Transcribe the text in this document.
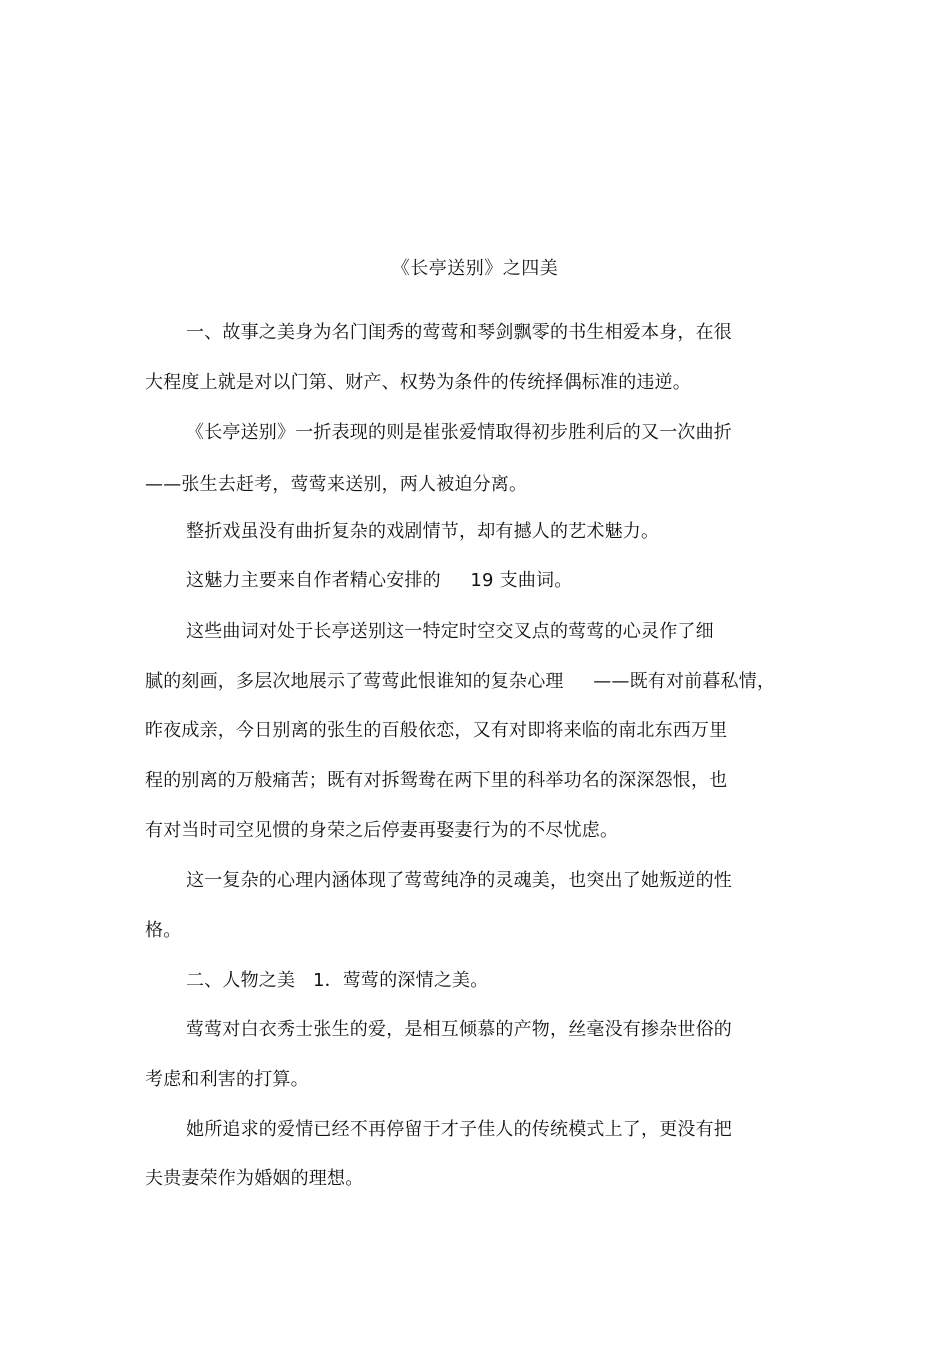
《长亭送别》之四美
一、故事之美身为名门闺秀的莺莺和琴剑飘零的书生相爱本身，在很
大程度上就是对以门第、财产、权势为条件的传统择偶标准的违逆。
《长亭送别》一折表现的则是崔张爱情取得初步胜利后的又一次曲折
——张生去赶考，莺莺来送别，两人被迫分离。
整折戏虽没有曲折复杂的戏剧情节，却有撼人的艺术魅力。
这魅力主要来自作者精心安排的     19 支曲词。
这些曲词对处于长亭送别这一特定时空交叉点的莺莺的心灵作了细
腻的刻画，多层次地展示了莺莺此恨谁知的复杂心理     ——既有对前暮私情，
昨夜成亲，今日别离的张生的百般依恋，又有对即将来临的南北东西万里
程的别离的万般痛苦；既有对拆鸳鸯在两下里的科举功名的深深怨恨，也
有对当时司空见惯的身荣之后停妻再娶妻行为的不尽忧虑。
这一复杂的心理内涵体现了莺莺纯净的灵魂美，也突出了她叛逆的性
格。
二、人物之美   1．莺莺的深情之美。
莺莺对白衣秀士张生的爱，是相互倾慕的产物，丝毫没有掺杂世俗的
考虑和利害的打算。
她所追求的爱情已经不再停留于才子佳人的传统模式上了，更没有把
夫贵妻荣作为婚姻的理想。
